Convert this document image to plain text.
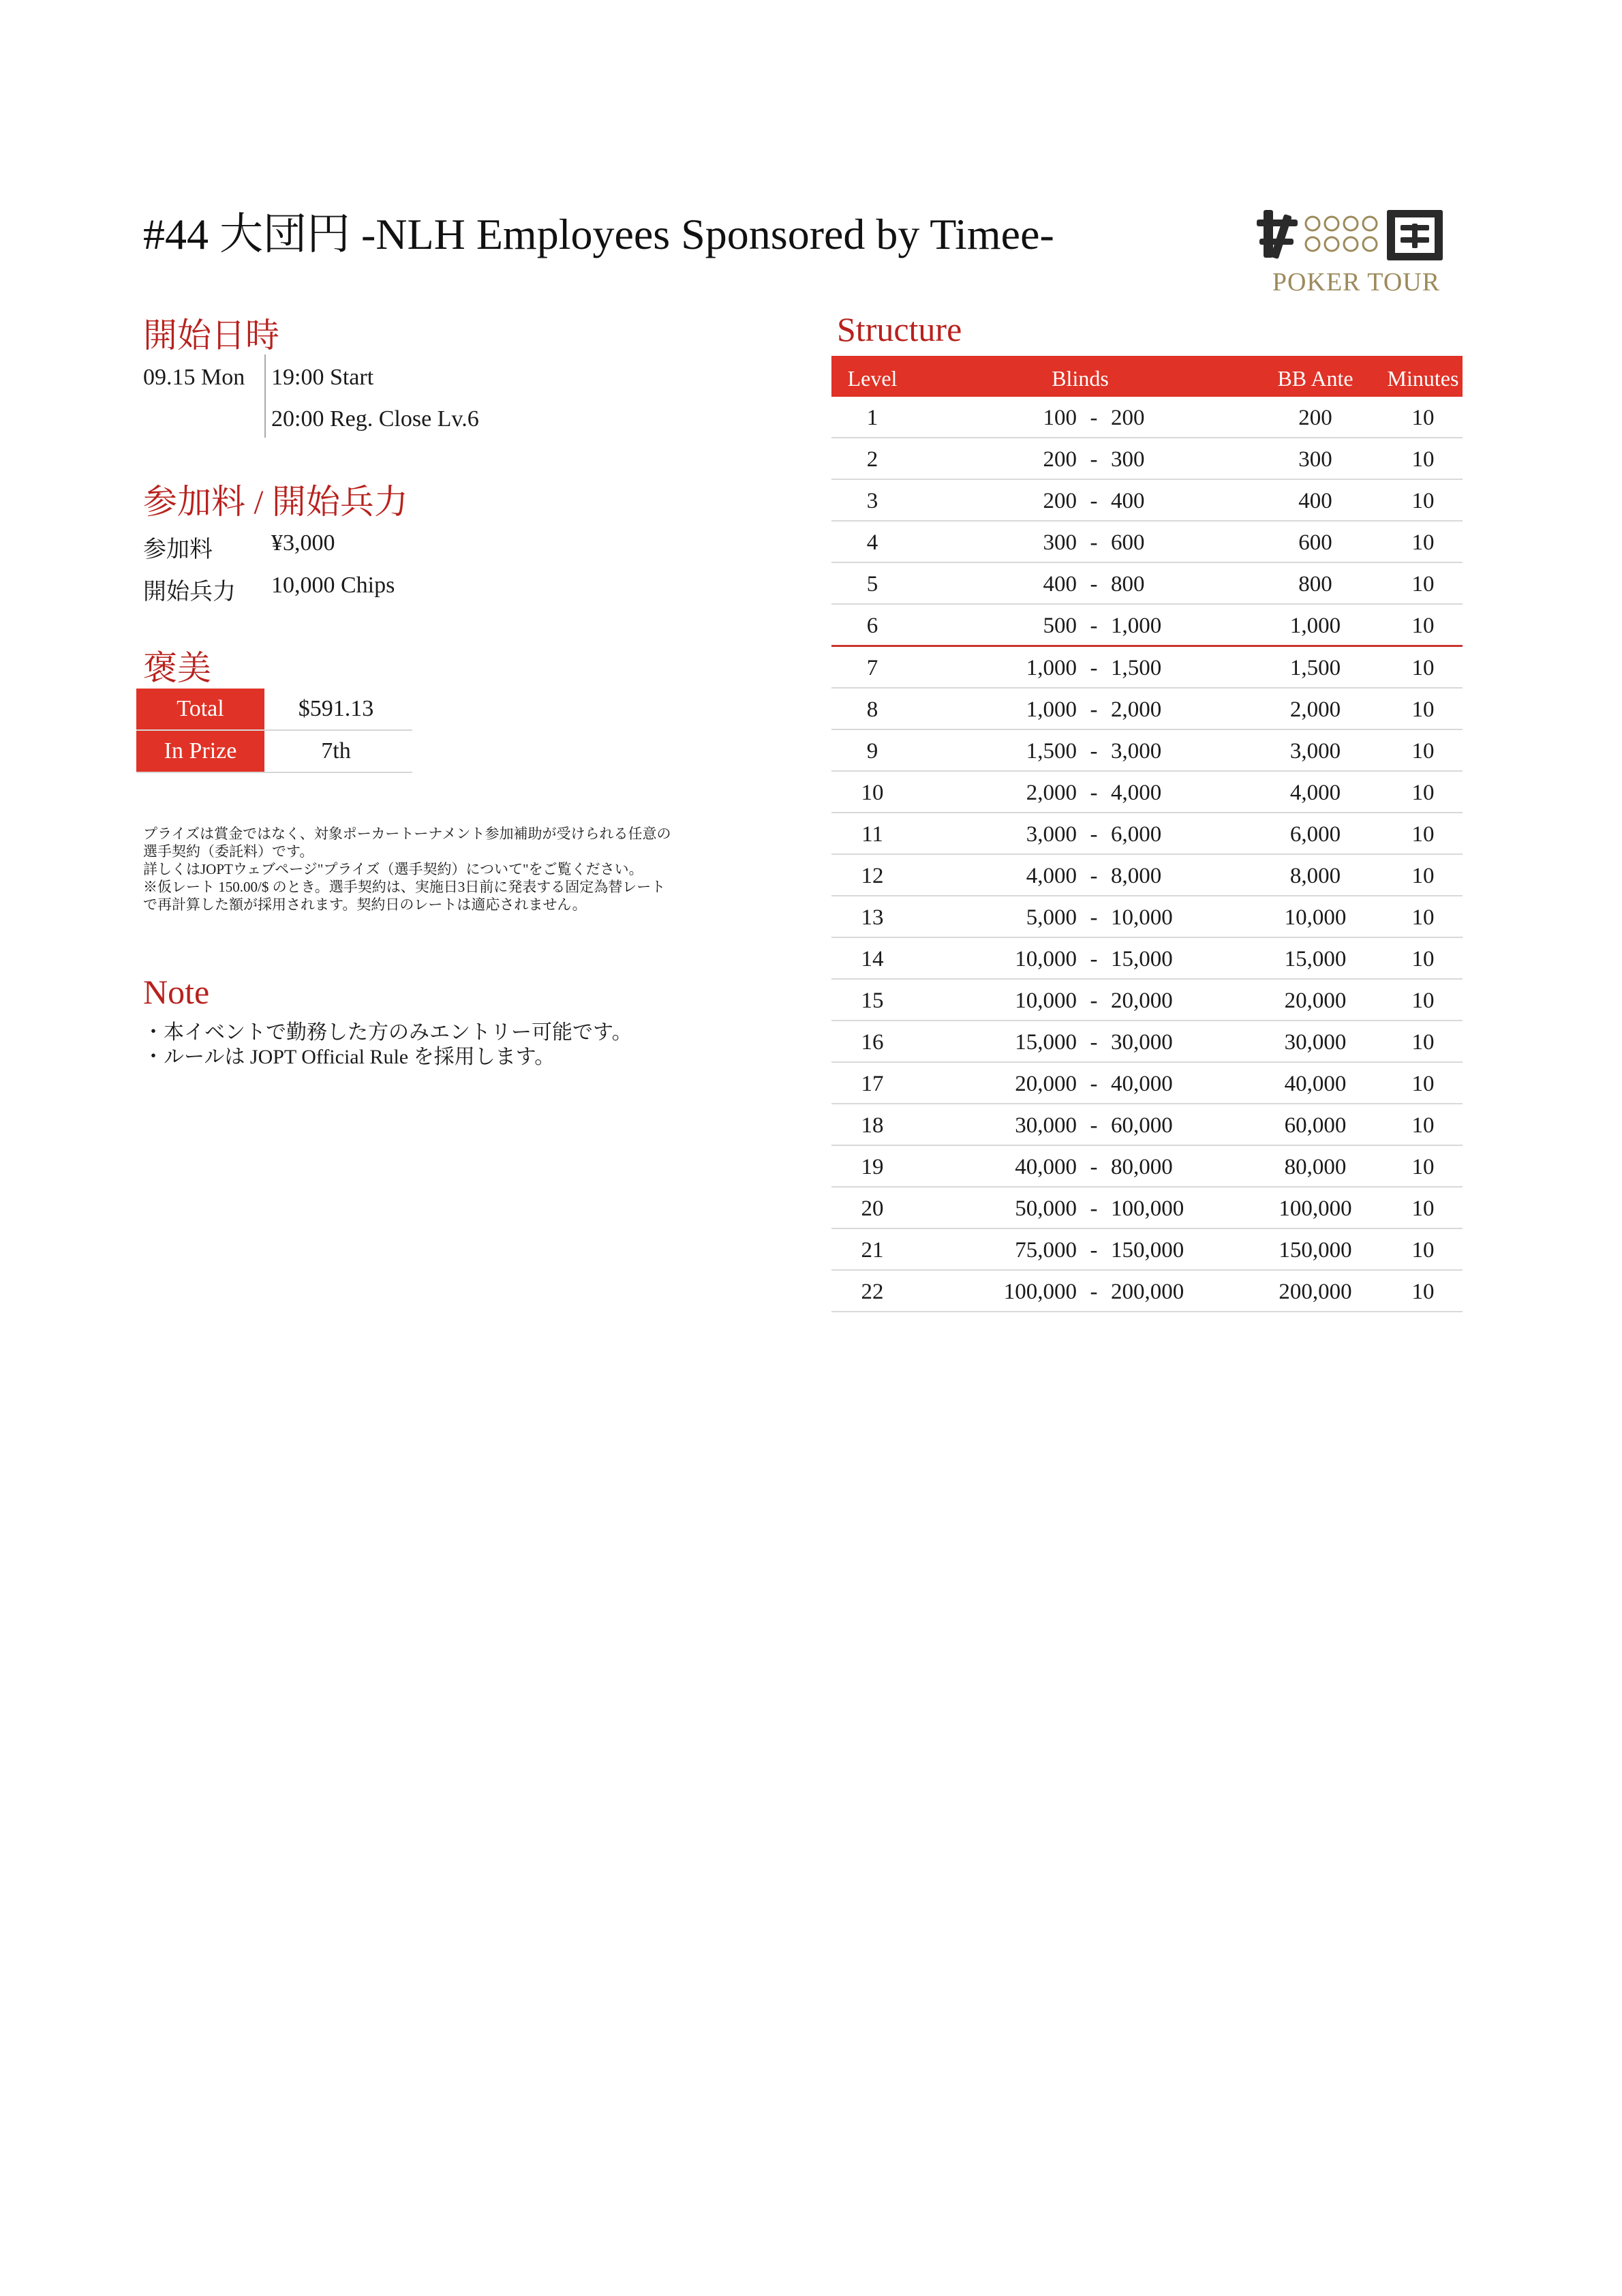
#44 大団円 -NLH Employees Sponsored by Timee-
POKER TOUR
開始日時
09.15 Mon 19:00 Start
20:00 Reg. Close Lv.6
参加料 / 開始兵力
参加料	¥3,000
開始兵力 10,000 Chips
褒美
Total	$591.13
In Prize	7th
プライズは賞金ではなく、対象ポーカートーナメント参加補助が受けられる任意の
選手契約（委託料）です。
詳しくはJOPTウェブページ"プライズ（選手契約）について"をご覧ください。
※仮レート 150.00/$ のとき。選手契約は、実施日3日前に発表する固定為替レート
で再計算した額が採用されます。契約日のレートは適応されません。
Note
・本イベントで勤務した方のみエントリー可能です。
・ルールは JOPT Official Rule を採用します。
Structure
Level	Blinds	BB Ante	Minutes
1	100 200	200	10
-
2	200 300	300	10
-
3	200 400	400	10
-
4	300 600	600	10
-
5	400 800	800	10
-
6	500 1,000	1,000	10
-
7	1,000 1,500	1,500	10
-
8	1,000 2,000	2,000	10
-
9	1,500 3,000	3,000	10
-
10	2,000 4,000	4,000	10
-
11	3,000 6,000	6,000	10
-
12	4,000 8,000	8,000	10
-
13	5,000 10,000	10,000	10
-
14	10,000 15,000	15,000	10
-
15	10,000 20,000	20,000	10
-
16	15,000 30,000	30,000	10
-
17	20,000 40,000	40,000	10
-
18	30,000 60,000	60,000	10
-
19	40,000 80,000	80,000	10
-
20	50,000 100,000	100,000	10
-
21	75,000 150,000	150,000	10
-
22	100,000 200,000	200,000	10
-
